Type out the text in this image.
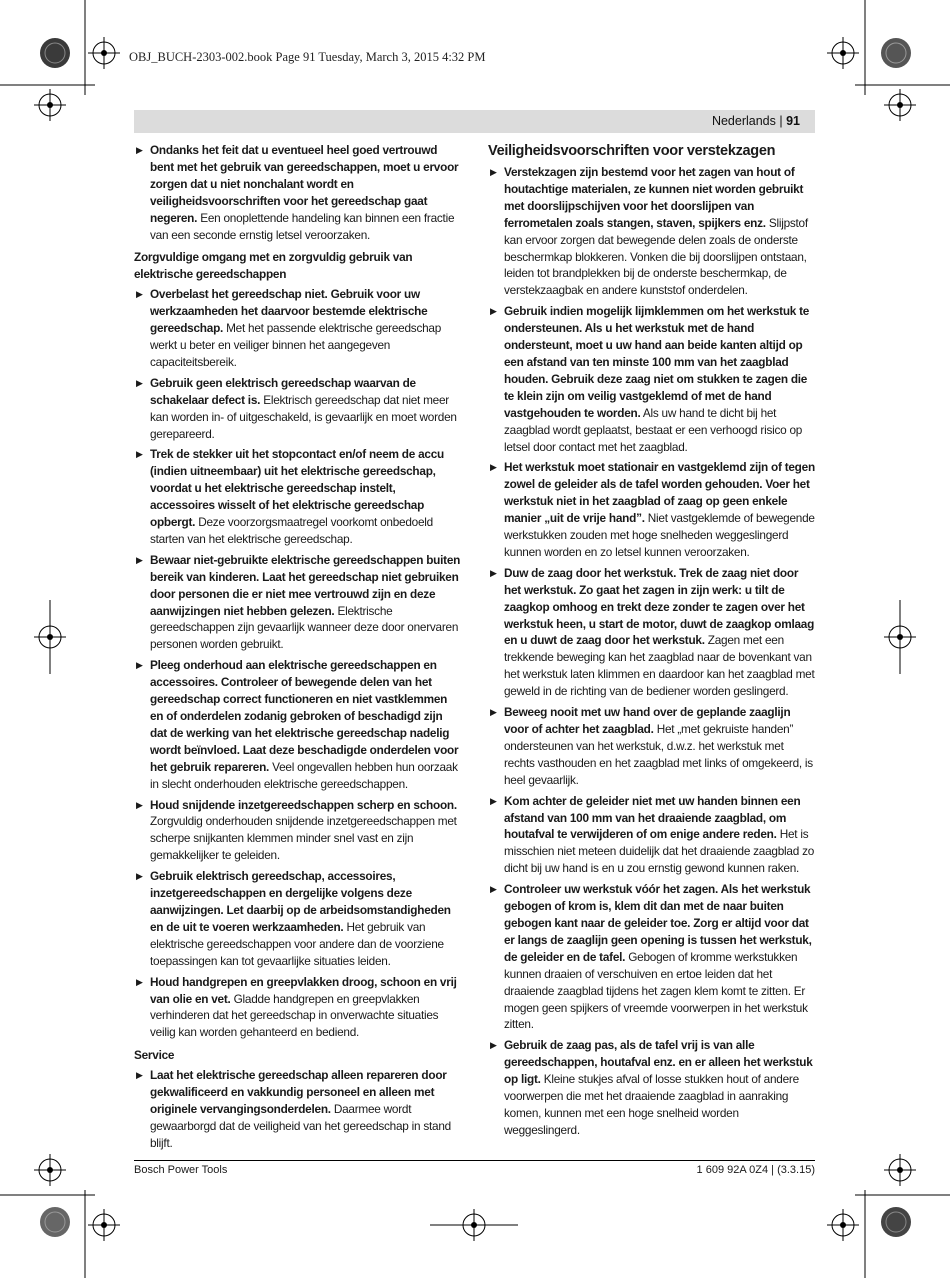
OBJ_BUCH-2303-002.book Page 91 Tuesday, March 3, 2015 4:32 PM
Nederlands | 91
▶ Ondanks het feit dat u eventueel heel goed vertrouwd bent met het gebruik van gereedschappen, moet u ervoor zorgen dat u niet nonchalant wordt en veiligheidsvoorschriften voor het gereedschap gaat negeren. Een onoplettende handeling kan binnen een fractie van een seconde ernstig letsel veroorzaken.
Zorgvuldige omgang met en zorgvuldig gebruik van elektrische gereedschappen
▶ Overbelast het gereedschap niet. Gebruik voor uw werkzaamheden het daarvoor bestemde elektrische gereedschap. Met het passende elektrische gereedschap werkt u beter en veiliger binnen het aangegeven capaciteitsbereik.
▶ Gebruik geen elektrisch gereedschap waarvan de schakelaar defect is. Elektrisch gereedschap dat niet meer kan worden in- of uitgeschakeld, is gevaarlijk en moet worden gerepareerd.
▶ Trek de stekker uit het stopcontact en/of neem de accu (indien uitneembaar) uit het elektrische gereedschap, voordat u het elektrische gereedschap instelt, accessoires wisselt of het elektrische gereedschap opbergt. Deze voorzorgsmaatregel voorkomt onbedoeld starten van het elektrische gereedschap.
▶ Bewaar niet-gebruikte elektrische gereedschappen buiten bereik van kinderen. Laat het gereedschap niet gebruiken door personen die er niet mee vertrouwd zijn en deze aanwijzingen niet hebben gelezen. Elektrische gereedschappen zijn gevaarlijk wanneer deze door onervaren personen worden gebruikt.
▶ Pleeg onderhoud aan elektrische gereedschappen en accessoires. Controleer of bewegende delen van het gereedschap correct functioneren en niet vastklemmen en of onderdelen zodanig gebroken of beschadigd zijn dat de werking van het elektrische gereedschap nadelig wordt beïnvloed. Laat deze beschadigde onderdelen voor het gebruik repareren. Veel ongevallen hebben hun oorzaak in slecht onderhouden elektrische gereedschappen.
▶ Houd snijdende inzetgereedschappen scherp en schoon. Zorgvuldig onderhouden snijdende inzetgereedschappen met scherpe snijkanten klemmen minder snel vast en zijn gemakkelijker te geleiden.
▶ Gebruik elektrisch gereedschap, accessoires, inzetgereedschappen en dergelijke volgens deze aanwijzingen. Let daarbij op de arbeidsomstandigheden en de uit te voeren werkzaamheden. Het gebruik van elektrische gereedschappen voor andere dan de voorziene toepassingen kan tot gevaarlijke situaties leiden.
▶ Houd handgrepen en greepvlakken droog, schoon en vrij van olie en vet. Gladde handgrepen en greepvlakken verhinderen dat het gereedschap in onverwachte situaties veilig kan worden gehanteerd en bediend.
Service
▶ Laat het elektrische gereedschap alleen repareren door gekwalificeerd en vakkundig personeel en alleen met originele vervangingsonderdelen. Daarmee wordt gewaarborgd dat de veiligheid van het gereedschap in stand blijft.
Veiligheidsvoorschriften voor verstekzagen
▶ Verstekzagen zijn bestemd voor het zagen van hout of houtachtige materialen, ze kunnen niet worden gebruikt met doorslijpschijven voor het doorslijpen van ferrometalen zoals stangen, staven, spijkers enz. Slijpstof kan ervoor zorgen dat bewegende delen zoals de onderste beschermkap blokkeren. Vonken die bij doorslijpen ontstaan, leiden tot brandplekken bij de onderste beschermkap, de verstekzaagbak en andere kunststof onderdelen.
▶ Gebruik indien mogelijk lijmklemmen om het werkstuk te ondersteunen. Als u het werkstuk met de hand ondersteunt, moet u uw hand aan beide kanten altijd op een afstand van ten minste 100 mm van het zaagblad houden. Gebruik deze zaag niet om stukken te zagen die te klein zijn om veilig vastgeklemd of met de hand vastgehouden te worden. Als uw hand te dicht bij het zaagblad wordt geplaatst, bestaat er een verhoogd risico op letsel door contact met het zaagblad.
▶ Het werkstuk moet stationair en vastgeklemd zijn of tegen zowel de geleider als de tafel worden gehouden. Voer het werkstuk niet in het zaagblad of zaag op geen enkele manier „uit de vrije hand”. Niet vastgeklemde of bewegende werkstukken zouden met hoge snelheden weggeslingerd kunnen worden en zo letsel kunnen veroorzaken.
▶ Duw de zaag door het werkstuk. Trek de zaag niet door het werkstuk. Zo gaat het zagen in zijn werk: u tilt de zaagkop omhoog en trekt deze zonder te zagen over het werkstuk heen, u start de motor, duwt de zaagkop omlaag en u duwt de zaag door het werkstuk. Zagen met een trekkende beweging kan het zaagblad naar de bovenkant van het werkstuk laten klimmen en daardoor kan het zaagblad met geweld in de richting van de bediener worden geslingerd.
▶ Beweeg nooit met uw hand over de geplande zaaglijn voor of achter het zaagblad. Het „met gekruiste handen” ondersteunen van het werkstuk, d.w.z. het werkstuk met rechts vasthouden en het zaagblad met links of omgekeerd, is heel gevaarlijk.
▶ Kom achter de geleider niet met uw handen binnen een afstand van 100 mm van het draaiende zaagblad, om houtafval te verwijderen of om enige andere reden. Het is misschien niet meteen duidelijk dat het draaiende zaagblad zo dicht bij uw hand is en u zou ernstig gewond kunnen raken.
▶ Controleer uw werkstuk vóór het zagen. Als het werkstuk gebogen of krom is, klem dit dan met de naar buiten gebogen kant naar de geleider toe. Zorg er altijd voor dat er langs de zaaglijn geen opening is tussen het werkstuk, de geleider en de tafel. Gebogen of kromme werkstukken kunnen draaien of verschuiven en ertoe leiden dat het draaiende zaagblad tijdens het zagen klem komt te zitten. Er mogen geen spijkers of vreemde voorwerpen in het werkstuk zitten.
▶ Gebruik de zaag pas, als de tafel vrij is van alle gereedschappen, houtafval enz. en er alleen het werkstuk op ligt. Kleine stukjes afval of losse stukken hout of andere voorwerpen die met het draaiende zaagblad in aanraking komen, kunnen met een hoge snelheid worden weggeslingerd.
Bosch Power Tools	1 609 92A 0Z4 | (3.3.15)
